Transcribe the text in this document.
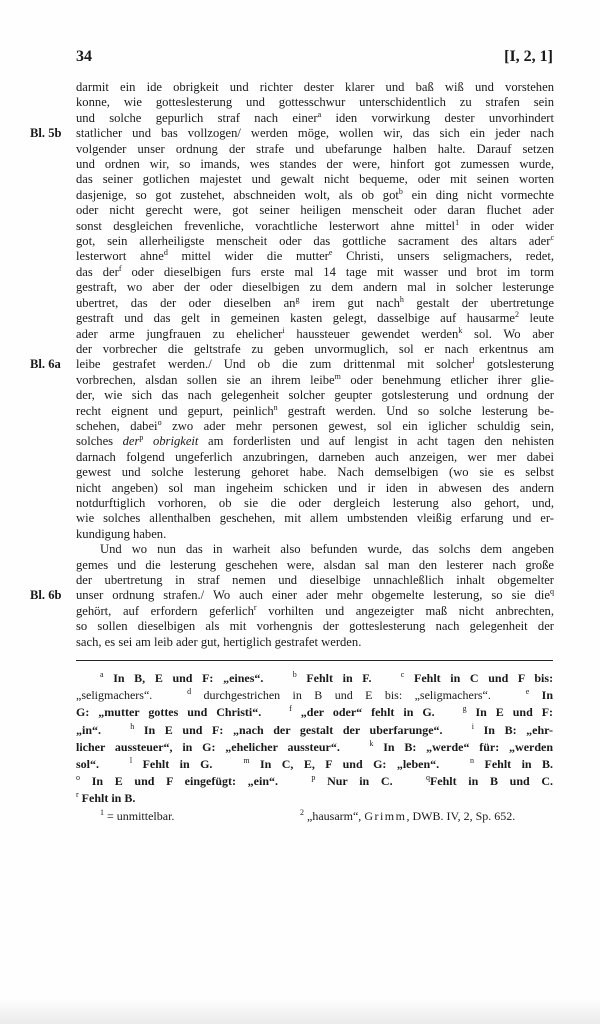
34	[I, 2, 1]
darmit ein ide obrigkeit und richter dester klarer und baß wiß und vorstehen
konne, wie gotteslesterung und gottesschwur unterschidentlich zu strafen sein
und solche gepurlich straf nach einer$^a$ iden vorwirkung dester unvorhindert
statlicher und bas vollzogen/ werden möge, wollen wir, das sich ein jeder nach
Bl. 5b
volgender unser ordnung der strafe und ubefarunge halben halte. Darauf setzen
und ordnen wir, so imands, wes standes der were, hinfort got zumessen wurde,
das seiner gotlichen majestet und gewalt nicht bequeme, oder mit seinen worten
dasjenige, so got zustehet, abschneiden wolt, als ob got$^b$ ein ding nicht vormechte
oder nicht gerecht were, got seiner heiligen menscheit oder daran fluchet ader
sonst desgleichen frevenliche, vorachtliche lesterwort ahne mittel$^1$ in oder wider
got, sein allerheiligste menscheit oder das gottliche sacrament des altars ader$^c$
lesterwort ahne$^d$ mittel wider die mutter$^e$ Christi, unsers seligmachers, redet,
das der$^f$ oder dieselbigen furs erste mal 14 tage mit wasser und brot im torm
gestraft, wo aber der oder dieselbigen zu dem andern mal in solcher lesterunge
ubertret, das der oder dieselben $an^g$ irem gut nach$^h$ gestalt der ubertretunge
gestraft und das gelt in gemeinen kasten gelegt, dasselbige auf hausarme$^2$ leute
ader arme jungfrauen zu ehelicher$^i$ haussteuer gewendet werden$^k$ sol. Wo aber
der vorbrecher die geltstrafe zu geben unvormuglich, sol er nach erkentnus am
leibe gestrafet werden./ Und ob die zum drittenmal mit solcher$^l$ gotslesterung
Bl. 6a
vorbrechen, alsdan sollen sie an ihrem leibe$^m$ oder benehmung etlicher ihrer glie-
der, wie sich das nach gelegenheit solcher geupter gotslesterung und ordnung der
recht eignent und gepurt, peinlich$^n$ gestraft werden. Und so solche lesterung be-
schehen, dabei$^o$ zwo ader mehr personen gewest, sol ein iglicher schuldig sein,
solches der$^p$ obrigkeit am forderlisten und auf lengist in acht tagen den nehisten
darnach folgend ungeferlich anzubringen, darneben auch anzeigen, wer mer dabei
gewest und solche lesterung gehoret habe. Nach demselbigen (wo sie es selbst
nicht angeben) sol man ingeheim schicken und ir iden in abwesen des andern
notdurftiglich vorhoren, ob sie die oder dergleich lesterung also gehort, und,
wie solches allenthalben geschehen, mit allem umbstenden vleißig erfarung und er-
kundigung haben.
Und wo nun das in warheit also befunden wurde, das solchs dem angeben
gemes und die lesterung geschehen were, alsdan sal man den lesterer nach große
der ubertretung in straf nemen und dieselbige unnachleßlich inhalt obgemelter
unser ordnung strafen./ Wo auch einer ader mehr obgemelte lesterung, so sie die$^q$
Bl. 6b
gehört, auf erfordern geferlich$^r$ vorhilten und angezeigter maß nicht anbrechten,
so sollen dieselbigen als mit vorhengnis der gotteslesterung nach gelegenheit der
sach, es sei am leib ader gut, hertiglich gestrafet werden.
$^a$ In B, E und F: „eines“.	$^b$ Fehlt in F.	$^c$ Fehlt in C und F bis:
„seligmachers“.	$^d$ durchgestrichen in B und E bis: „seligmachers“.	$^e$ In
G: „mutter gottes und Christi“.	$^f$ „der oder“ fehlt in G.	$^g$ In E und F:
„in“.	$^h$ In E und F: „nach der gestalt der uberfarunge“.	$^i$ In B: „ehr-
licher aussteuer“, in G: „ehelicher aussteur“.	$^k$ In B: „werde“ für: „werden
sol“.	$^l$ Fehlt in G.	$^m$ In C, E, F und G: „leben“.	$^n$ Fehlt in B.
$^o$ In E und F eingefügt: „ein“.	$^p$ Nur in C.	$^q$Fehlt in B und C.
$^r$ Fehlt in B.
$^1$ = unmittelbar.	$^2$ „hausarm“, Grimm, DWB. IV, 2, Sp. 652.
